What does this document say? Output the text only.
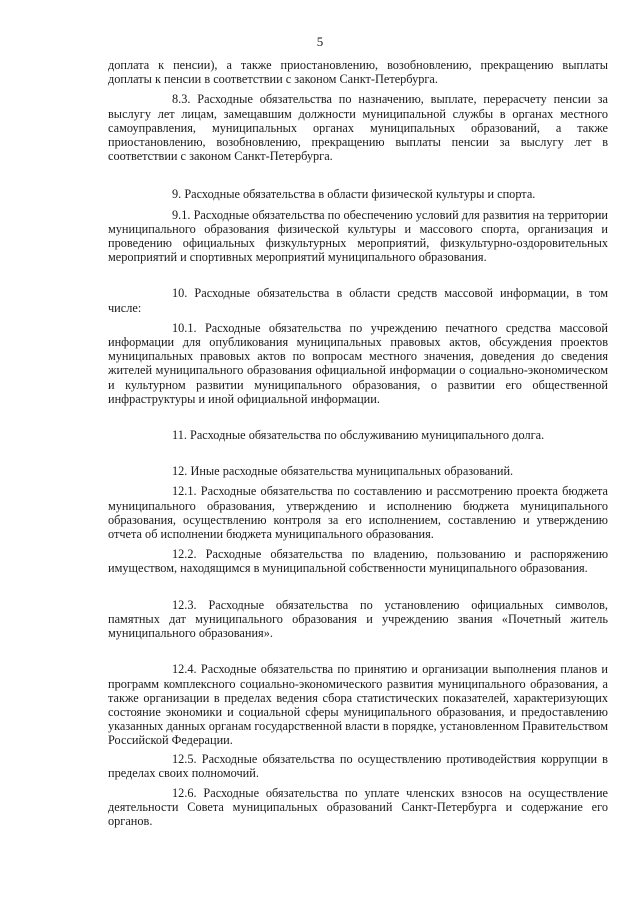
5

доплата к пенсии), а также приостановлению, возобновлению, прекращению выплаты доплаты к пенсии в соответствии с законом Санкт-Петербурга.

8.3. Расходные обязательства по назначению, выплате, перерасчету пенсии за выслугу лет лицам, замещавшим должности муниципальной службы в органах местного самоуправления, муниципальных органах муниципальных образований, а также приостановлению, возобновлению, прекращению выплаты пенсии за выслугу лет в соответствии с законом Санкт-Петербурга.

9. Расходные обязательства в области физической культуры и спорта.

9.1. Расходные обязательства по обеспечению условий для развития на территории муниципального образования физической культуры и массового спорта, организация и проведению официальных физкультурных мероприятий, физкультурно-оздоровительных мероприятий и спортивных мероприятий муниципального образования.

10. Расходные обязательства в области средств массовой информации, в том числе:

10.1. Расходные обязательства по учреждению печатного средства массовой информации для опубликования муниципальных правовых актов, обсуждения проектов муниципальных правовых актов по вопросам местного значения, доведения до сведения жителей муниципального образования официальной информации о социально-экономическом и культурном развитии муниципального образования, о развитии его общественной инфраструктуры и иной официальной информации.

11. Расходные обязательства по обслуживанию муниципального долга.

12. Иные расходные обязательства муниципальных образований.

12.1. Расходные обязательства по составлению и рассмотрению проекта бюджета муниципального образования, утверждению и исполнению бюджета муниципального образования, осуществлению контроля за его исполнением, составлению и утверждению отчета об исполнении бюджета муниципального образования.

12.2. Расходные обязательства по владению, пользованию и распоряжению имуществом, находящимся в муниципальной собственности муниципального образования.

12.3. Расходные обязательства по установлению официальных символов, памятных дат муниципального образования и учреждению звания «Почетный житель муниципального образования».

12.4. Расходные обязательства по принятию и организации выполнения планов и программ комплексного социально-экономического развития муниципального образования, а также организации в пределах ведения сбора статистических показателей, характеризующих состояние экономики и социальной сферы муниципального образования, и предоставлению указанных данных органам государственной власти в порядке, установленном Правительством Российской Федерации.

12.5. Расходные обязательства по осуществлению противодействия коррупции в пределах своих полномочий.

12.6. Расходные обязательства по уплате членских взносов на осуществление деятельности Совета муниципальных образований Санкт-Петербурга и содержание его органов.
